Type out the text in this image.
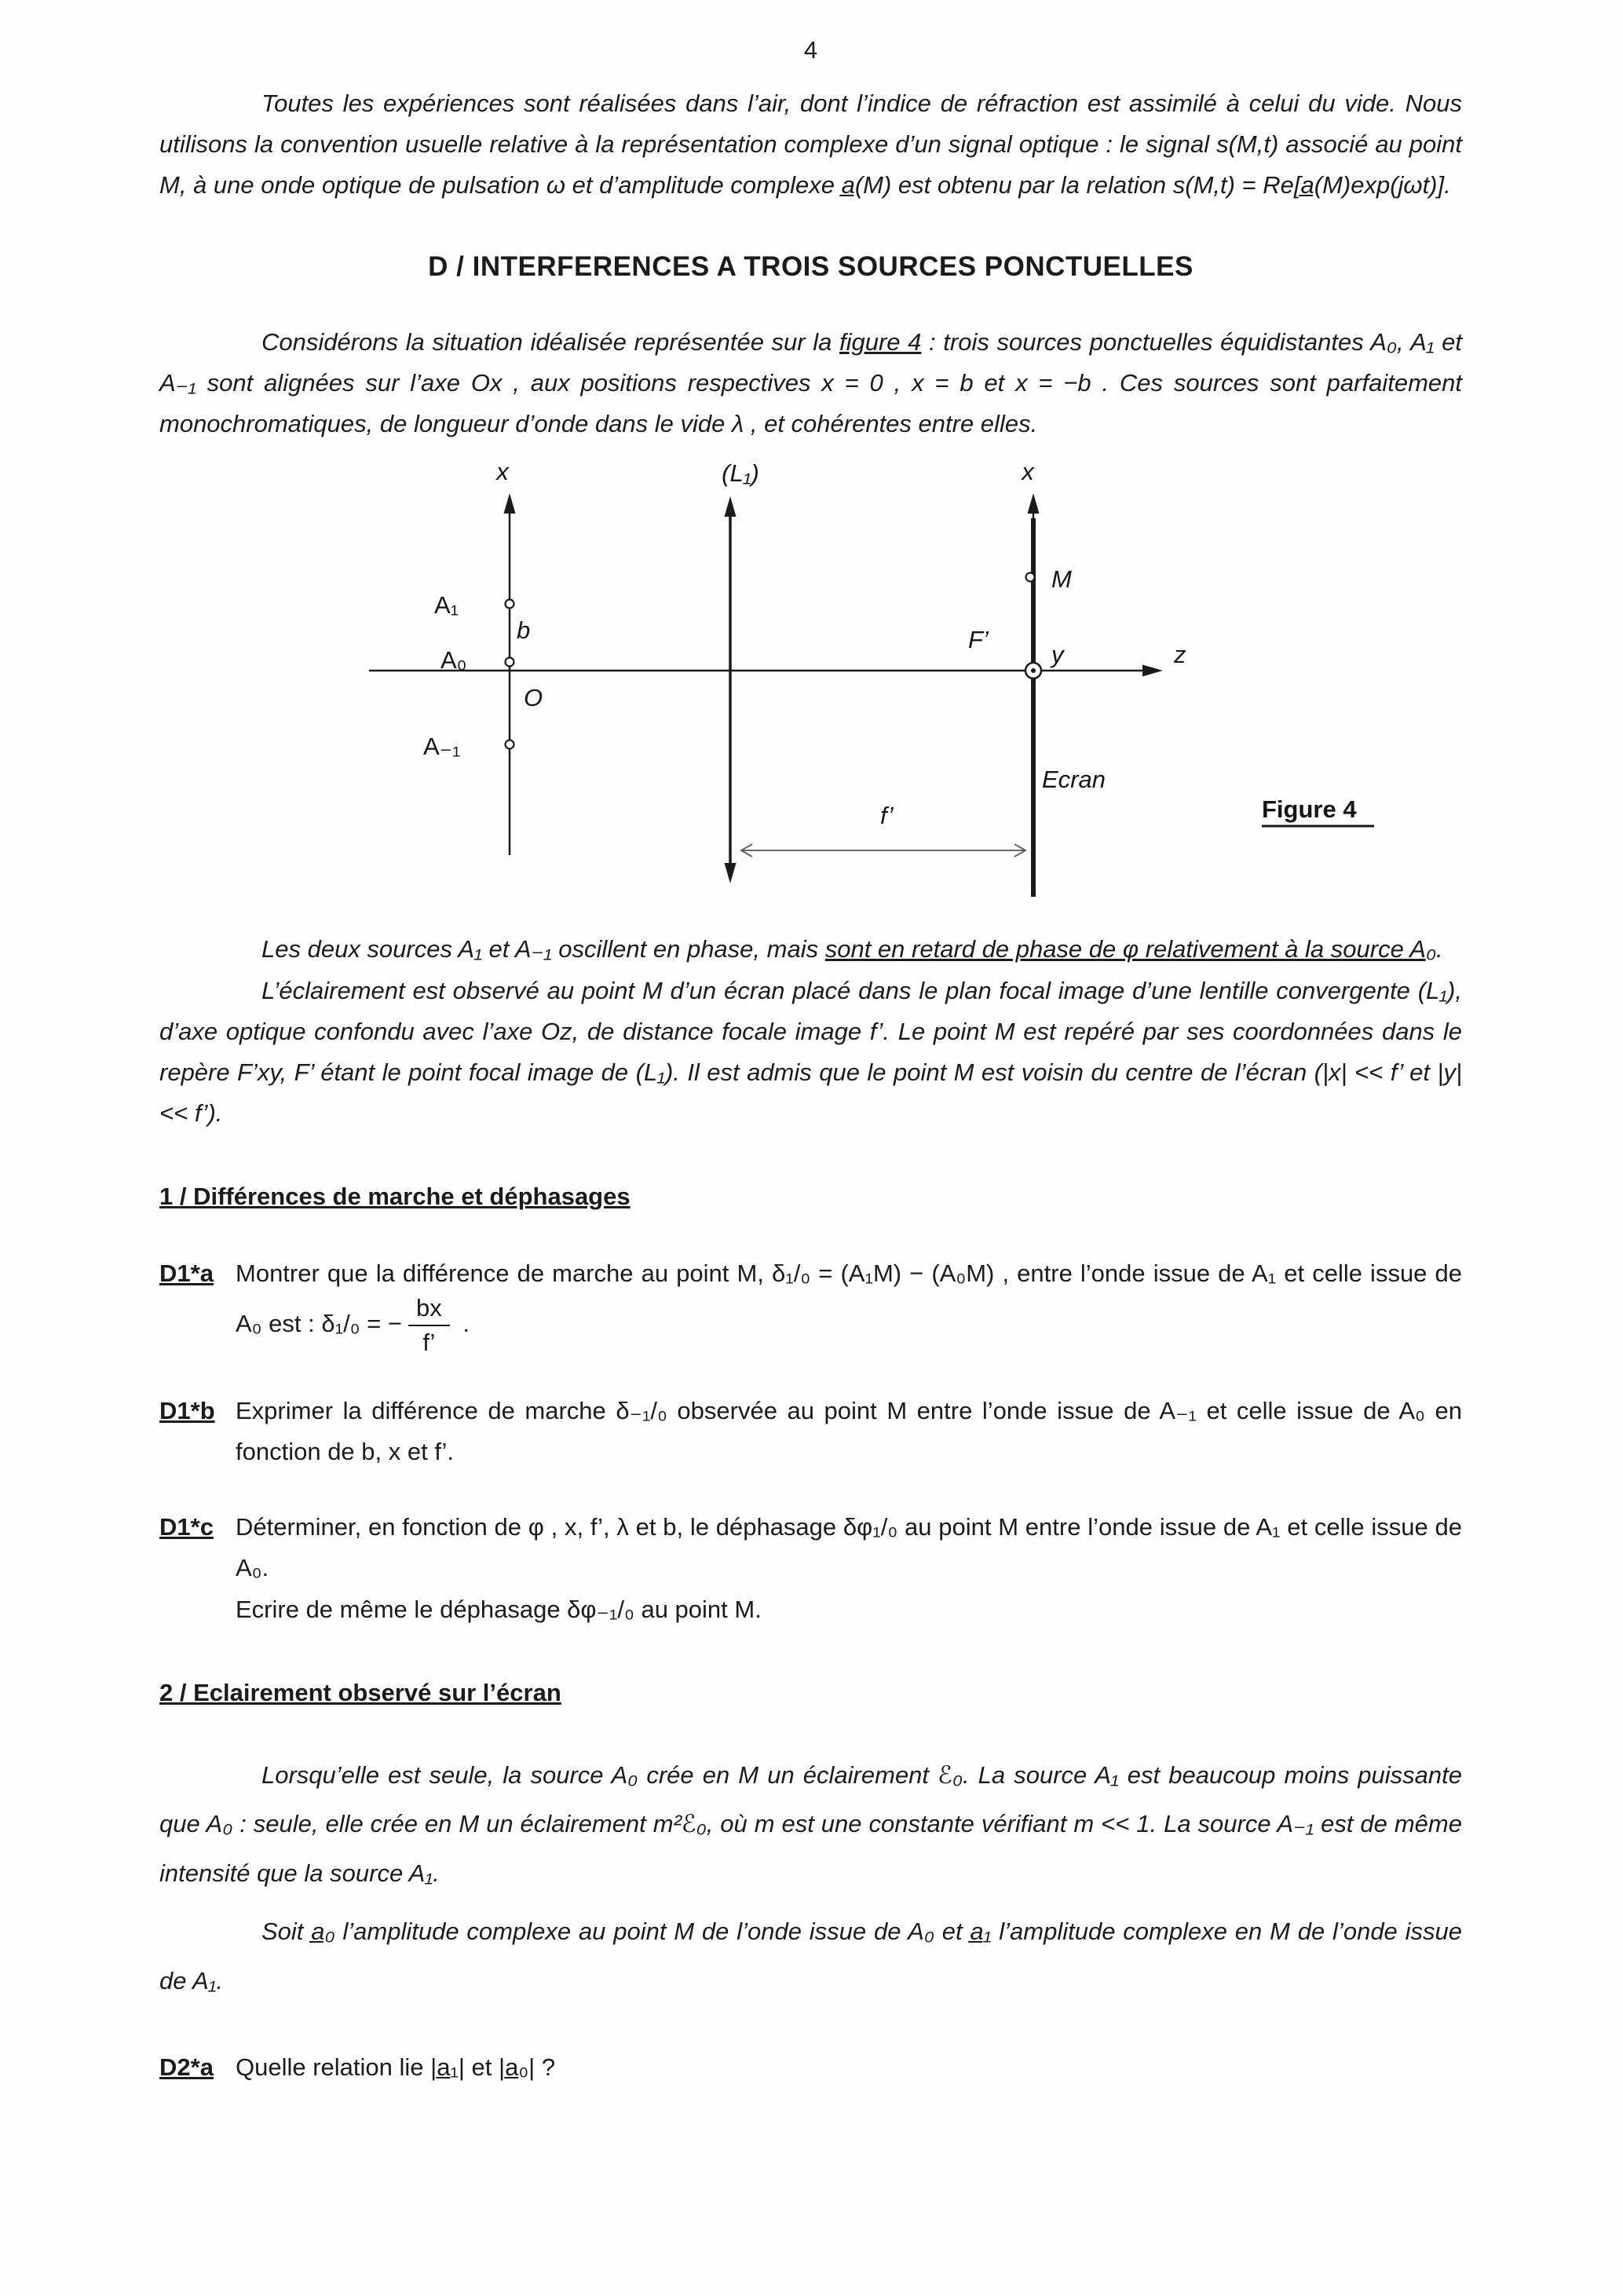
4

Toutes les expériences sont réalisées dans l’air, dont l’indice de réfraction est assimilé à celui du vide. Nous utilisons la convention usuelle relative à la représentation complexe d’un signal optique : le signal s(M,t) associé au point M, à une onde optique de pulsation ω et d’amplitude complexe a̲(M) est obtenu par la relation s(M,t) = Re[a̲(M)exp(jωt)].

D / INTERFERENCES A TROIS SOURCES PONCTUELLES

Considérons la situation idéalisée représentée sur la figure 4 : trois sources ponctuelles équidistantes A₀, A₁ et A₋₁ sont alignées sur l’axe Ox , aux positions respectives x = 0 , x = b et x = −b . Ces sources sont parfaitement monochromatiques, de longueur d’onde dans le vide λ , et cohérentes entre elles.

x
z
(L₁)	x
Ecran
A₁
b
A₀
O
A₋₁
M
F’
y
f’	Figure 4

Les deux sources A₁ et A₋₁ oscillent en phase, mais sont en retard de phase de φ relativement à la source A₀.

L’éclairement est observé au point M d’un écran placé dans le plan focal image d’une lentille convergente (L₁), d’axe optique confondu avec l’axe Oz, de distance focale image f’. Le point M est repéré par ses coordonnées dans le repère F’xy, F’ étant le point focal image de (L₁). Il est admis que le point M est voisin du centre de l’écran (|x| << f’ et |y| << f’).

1 / Différences de marche et déphasages
D1*a Montrer que la différence de marche au point M, δ₁/₀ = (A₁M) − (A₀M) , entre l’onde issue de A₁ et celle issue de A₀ est : δ₁/₀ = − $\frac{bx}{f’}$ .
D1*b Exprimer la différence de marche δ₋₁/₀ observée au point M entre l’onde issue de A₋₁ et celle issue de A₀ en fonction de b, x et f’.
D1*c Déterminer, en fonction de φ , x, f’, λ et b, le déphasage δφ₁/₀ au point M entre l’onde issue de A₁ et celle issue de A₀.
Ecrire de même le déphasage δφ₋₁/₀ au point M.
2 / Eclairement observé sur l’écran

Lorsqu’elle est seule, la source A₀ crée en M un éclairement ℰ₀. La source A₁ est beaucoup moins puissante que A₀ : seule, elle crée en M un éclairement m²ℰ₀, où m est une constante vérifiant m << 1. La source A₋₁ est de même intensité que la source A₁.

Soit a̲₀ l’amplitude complexe au point M de l’onde issue de A₀ et a̲₁ l’amplitude complexe en M de l’onde issue de A₁.

D2*a Quelle relation lie |a̲₁| et |a̲₀| ?
